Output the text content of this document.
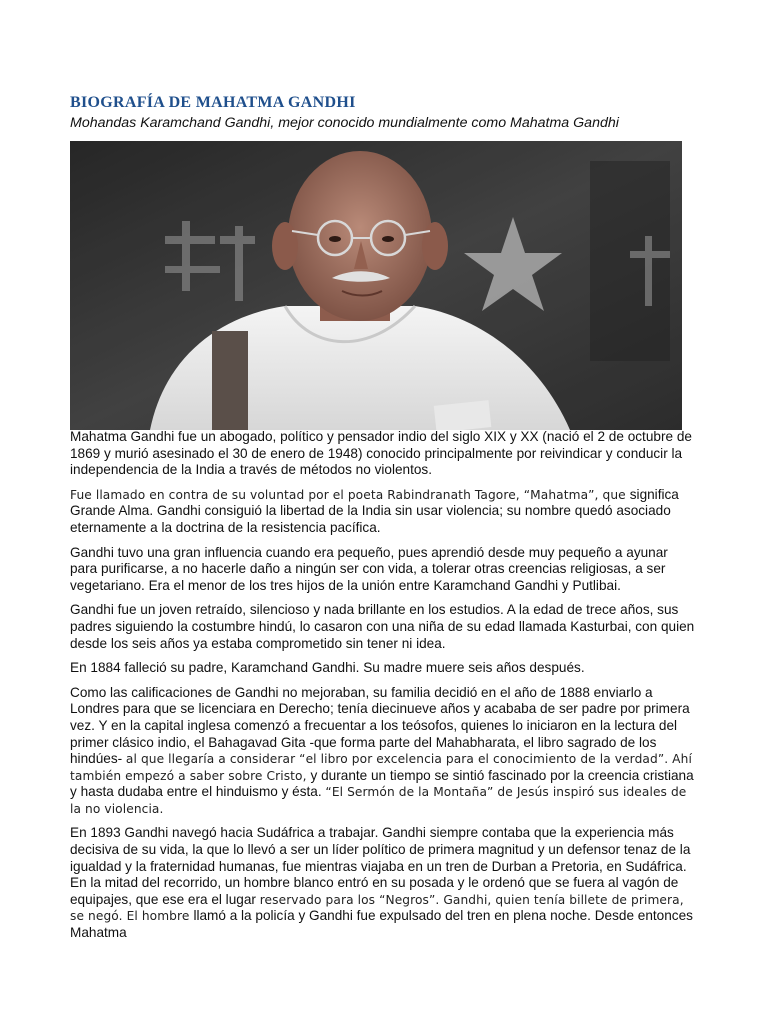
BIOGRAFÍA DE MAHATMA GANDHI

Mohandas Karamchand Gandhi, mejor conocido mundialmente como Mahatma Gandhi

Mahatma Gandhi fue un abogado, político y pensador indio del siglo XIX y XX (nació el 2 de octubre de 1869 y murió asesinado el 30 de enero de 1948) conocido principalmente por reivindicar y conducir la independencia de la India a través de métodos no violentos.

Fue llamado en contra de su voluntad por el poeta Rabindranath Tagore, “Mahatma”, que significa Grande Alma. Gandhi consiguió la libertad de la India sin usar violencia; su nombre quedó asociado eternamente a la doctrina de la resistencia pacífica.

Gandhi tuvo una gran influencia cuando era pequeño, pues aprendió desde muy pequeño a ayunar para purificarse, a no hacerle daño a ningún ser con vida, a tolerar otras creencias religiosas, a ser vegetariano. Era el menor de los tres hijos de la unión entre Karamchand Gandhi y Putlibai.

Gandhi fue un joven retraído, silencioso y nada brillante en los estudios. A la edad de trece años, sus padres siguiendo la costumbre hindú, lo casaron con una niña de su edad llamada Kasturbai, con quien desde los seis años ya estaba comprometido sin tener ni idea.

En 1884 falleció su padre, Karamchand Gandhi. Su madre muere seis años después.

Como las calificaciones de Gandhi no mejoraban, su familia decidió en el año de 1888 enviarlo a Londres para que se licenciara en Derecho; tenía diecinueve años y acababa de ser padre por primera vez. Y en la capital inglesa comenzó a frecuentar a los teósofos, quienes lo iniciaron en la lectura del primer clásico indio, el Bahagavad Gita -que forma parte del Mahabharata, el libro sagrado de los hindúes- al que llegaría a considerar “el libro por excelencia para el conocimiento de la verdad”. Ahí también empezó a saber sobre Cristo, y durante un tiempo se sintió fascinado por la creencia cristiana y hasta dudaba entre el hinduismo y ésta. “El Sermón de la Montaña” de Jesús inspiró sus ideales de la no violencia.

En 1893 Gandhi navegó hacia Sudáfrica a trabajar. Gandhi siempre contaba que la experiencia más decisiva de su vida, la que lo llevó a ser un líder político de primera magnitud y un defensor tenaz de la igualdad y la fraternidad humanas, fue mientras viajaba en un tren de Durban a Pretoria, en Sudáfrica. En la mitad del recorrido, un hombre blanco entró en su posada y le ordenó que se fuera al vagón de equipajes, que ese era el lugar reservado para los “Negros”. Gandhi, quien tenía billete de primera, se negó. El hombre llamó a la policía y Gandhi fue expulsado del tren en plena noche. Desde entonces Mahatma
